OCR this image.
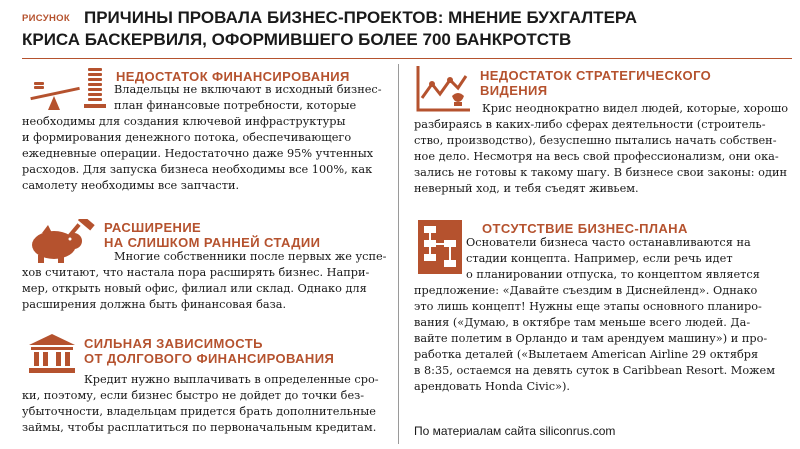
РИСУНОК ПРИЧИНЫ ПРОВАЛА БИЗНЕС-ПРОЕКТОВ: МНЕНИЕ БУХГАЛТЕРА
КРИСА БАСКЕРВИЛЯ, ОФОРМИВШЕГО БОЛЕЕ 700 БАНКРОТСТВ
НЕДОСТАТОК ФИНАНСИРОВАНИЯ
Владельцы не включают в исходный бизнес-
план финансовые потребности, которые
необходимы для создания ключевой инфраструктуры
и формирования денежного потока, обеспечивающего
ежедневные операции. Недостаточно даже 95% учтенных
расходов. Для запуска бизнеса необходимы все 100%, как
самолету необходимы все запчасти.
РАСШИРЕНИЕ
НА СЛИШКОМ РАННЕЙ СТАДИИ
Многие собственники после первых же успе-
хов считают, что настала пора расширять бизнес. Напри-
мер, открыть новый офис, филиал или склад. Однако для
расширения должна быть финансовая база.
СИЛЬНАЯ ЗАВИСИМОСТЬ
ОТ ДОЛГОВОГО ФИНАНСИРОВАНИЯ
Кредит нужно выплачивать в определенные сро-
ки, поэтому, если бизнес быстро не дойдет до точки без-
убыточности, владельцам придется брать дополнительные
займы, чтобы расплатиться по первоначальным кредитам.
НЕДОСТАТОК СТРАТЕГИЧЕСКОГО
ВИДЕНИЯ
Крис неоднократно видел людей, которые, хорошо
разбираясь в каких-либо сферах деятельности (строитель-
ство, производство), безуспешно пытались начать собствен-
ное дело. Несмотря на весь свой профессионализм, они ока-
зались не готовы к такому шагу. В бизнесе свои законы: один
неверный ход, и тебя съедят живьем.
ОТСУТСТВИЕ БИЗНЕС-ПЛАНА
Основатели бизнеса часто останавливаются на
стадии концепта. Например, если речь идет
о планировании отпуска, то концептом является
предложение: «Давайте съездим в Диснейленд». Однако
это лишь концепт! Нужны еще этапы основного планиро-
вания («Думаю, в октябре там меньше всего людей. Да-
вайте полетим в Орландо и там арендуем машину») и про-
работка деталей («Вылетаем American Airline 29 октября
в 8:35, остаемся на девять суток в Caribbean Resort. Можем
арендовать Honda Civic»).
По материалам сайта siliconrus.com
